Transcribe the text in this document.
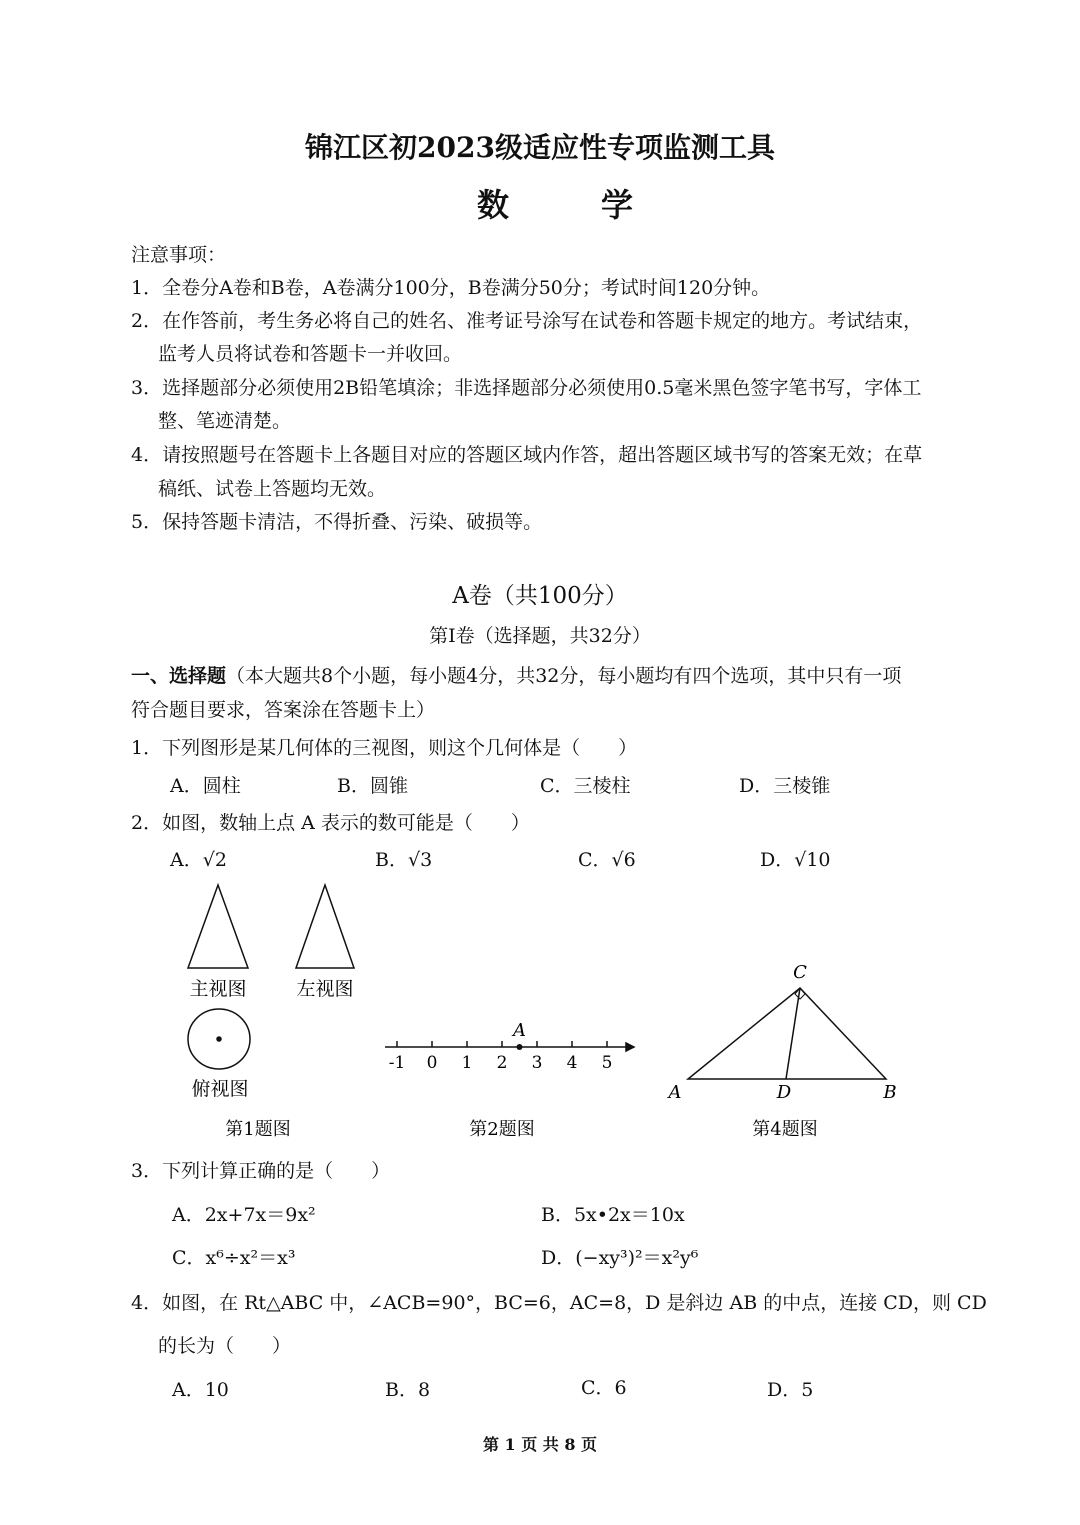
锦江区初2023级适应性专项监测工具
数　学
注意事项：
1．全卷分A卷和B卷，A卷满分100分，B卷满分50分；考试时间120分钟。
2．在作答前，考生务必将自己的姓名、准考证号涂写在试卷和答题卡规定的地方。考试结束，
监考人员将试卷和答题卡一并收回。
3．选择题部分必须使用2B铅笔填涂；非选择题部分必须使用0.5毫米黑色签字笔书写，字体工
整、笔迹清楚。
4．请按照题号在答题卡上各题目对应的答题区域内作答，超出答题区域书写的答案无效；在草
稿纸、试卷上答题均无效。
5．保持答题卡清洁，不得折叠、污染、破损等。
A卷（共100分）
第Ⅰ卷（选择题，共32分）
一、选择题（本大题共8个小题，每小题4分，共32分，每小题均有四个选项，其中只有一项
符合题目要求，答案涂在答题卡上）
1．下列图形是某几何体的三视图，则这个几何体是（　　）
A．圆柱	B．圆锥	C．三棱柱	D．三棱锥
2．如图，数轴上点 A 表示的数可能是（　　）
A．√2	B．√3	C．√6	D．√10
主视图	左视图
俯视图
第1题图
-1 0 1 2 3 4 5
A
第2题图
C
A	D	B
第4题图
3．下列计算正确的是（　　）
A．2x+7x＝9x²	B．5x•2x＝10x
C．x⁶÷x²＝x³	D．(−xy³)²＝x²y⁶
4．如图，在 Rt△ABC 中，∠ACB=90°，BC=6，AC=8，D 是斜边 AB 的中点，连接 CD，则 CD
的长为（　　）
A．10	B．8	C．6	D．5
第 1 页 共 8 页
